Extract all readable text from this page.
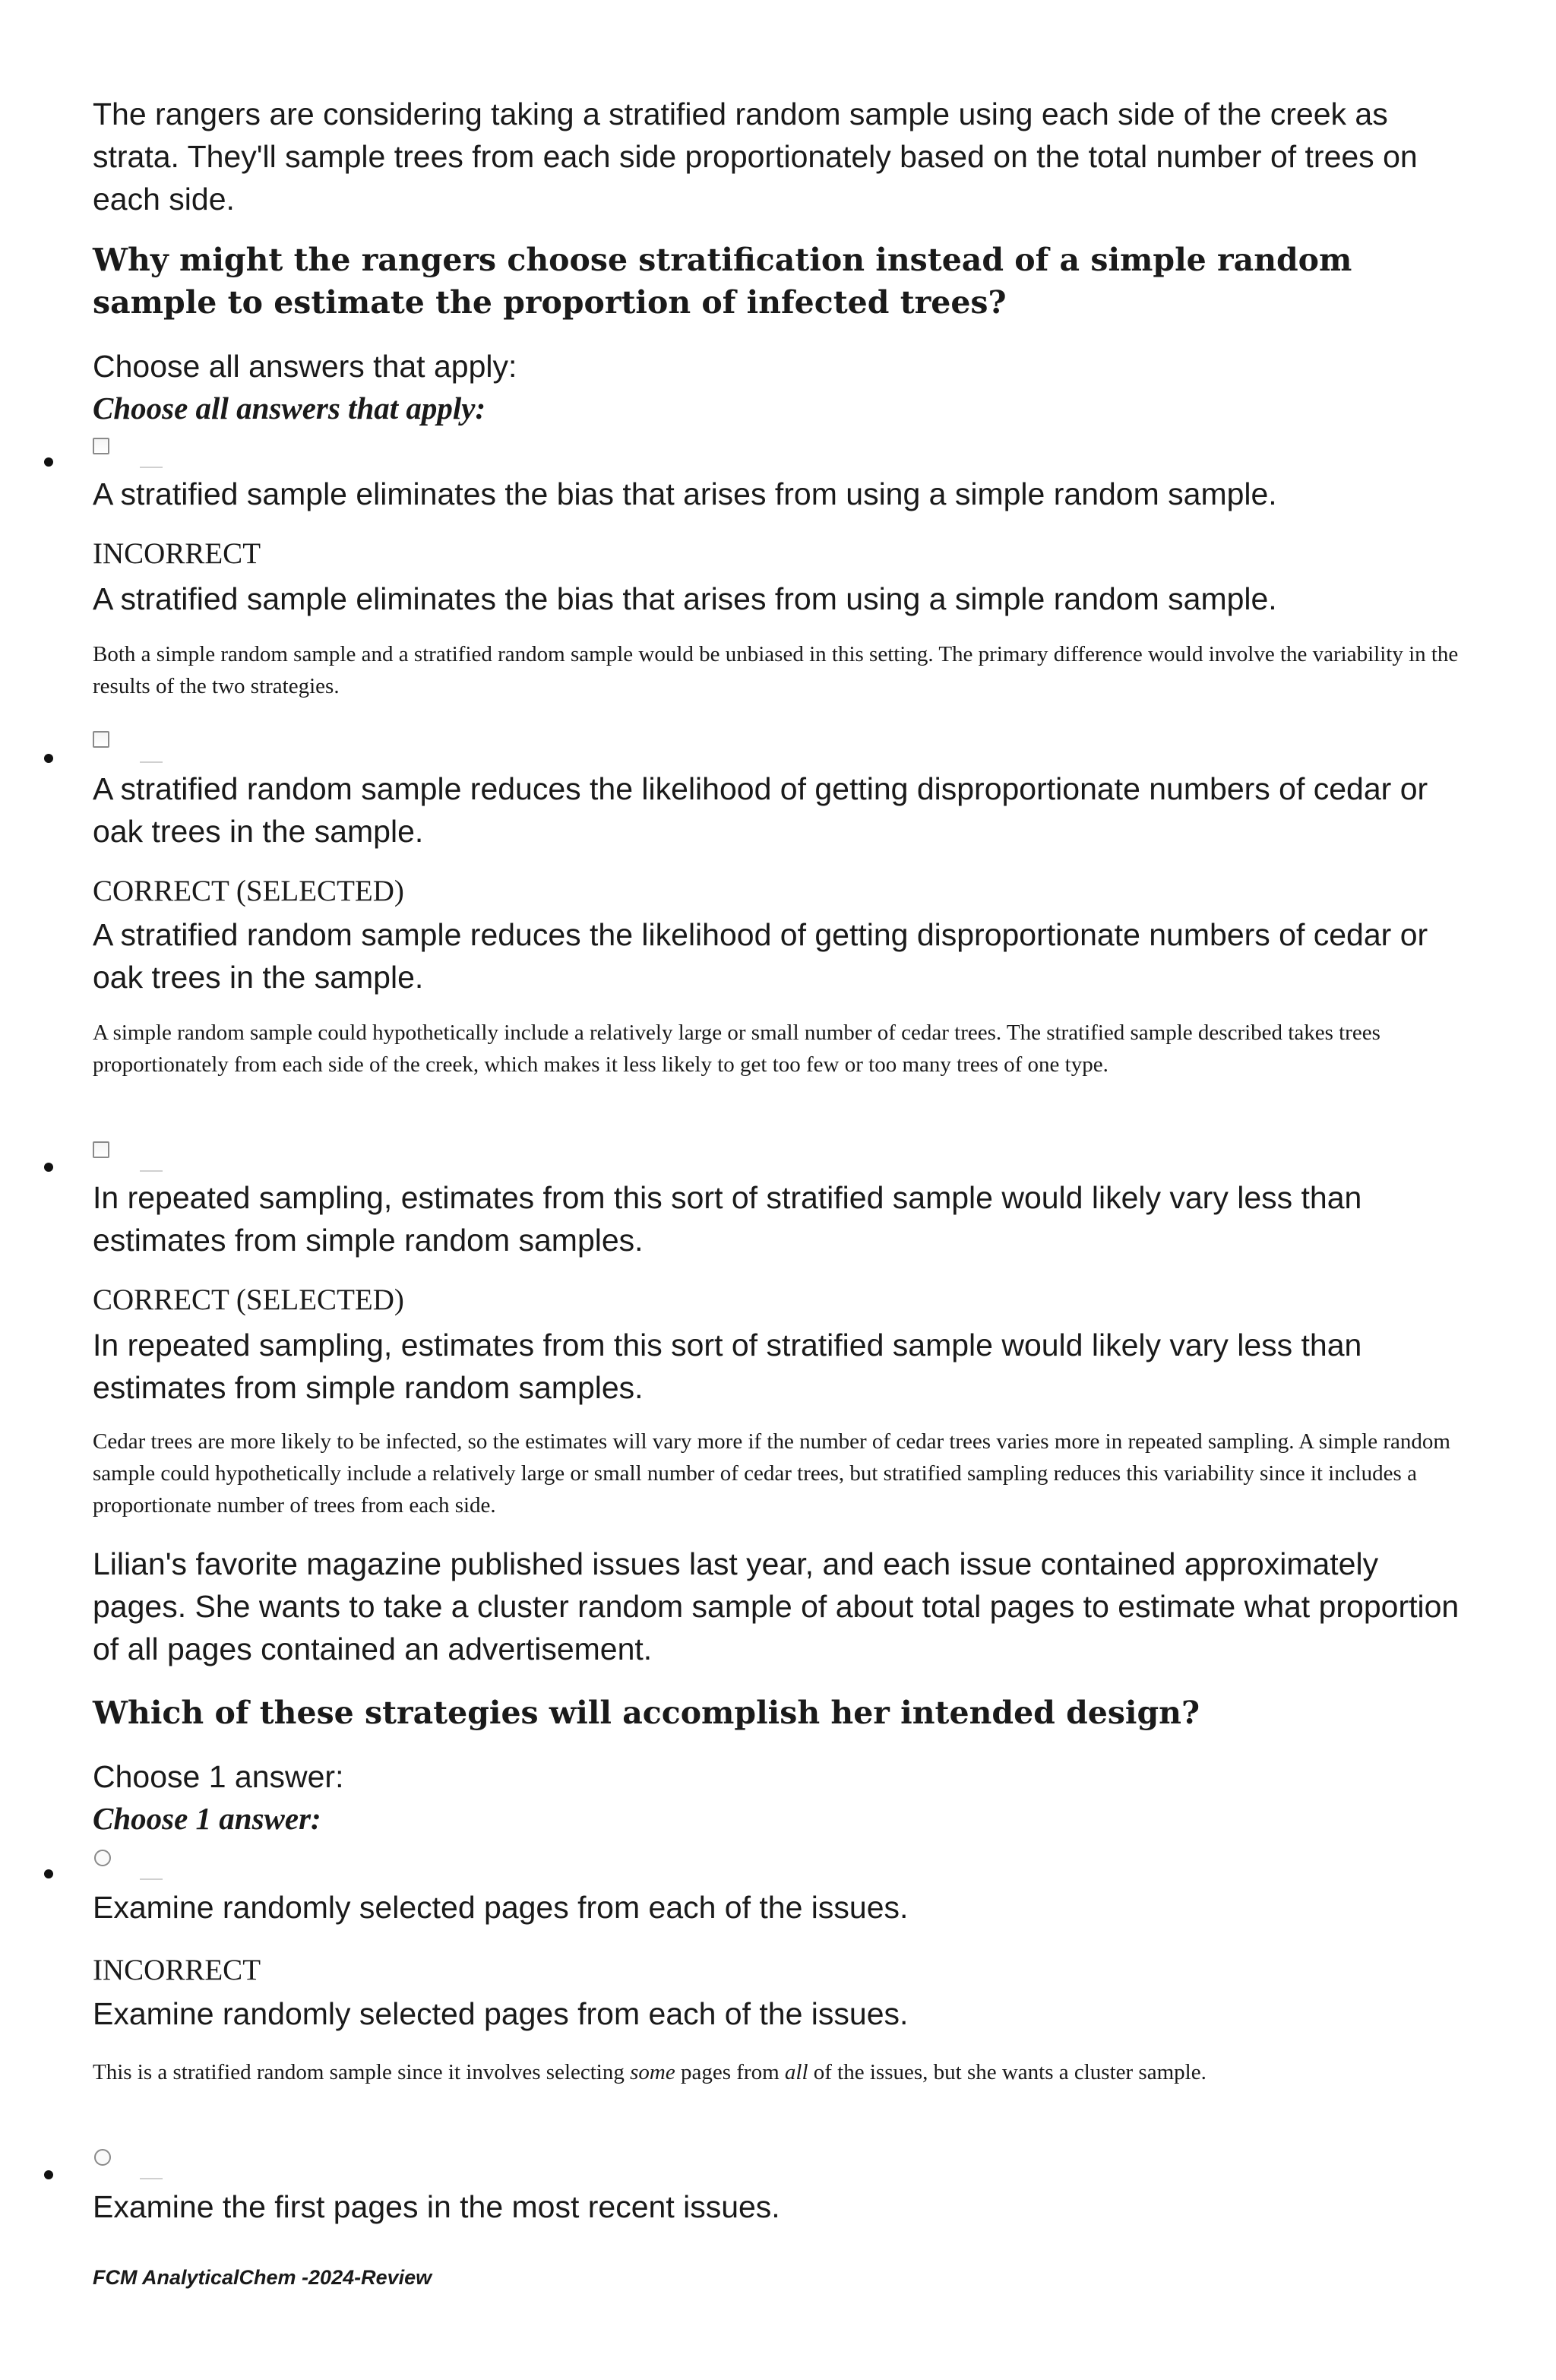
The rangers are considering taking a stratified random sample using each side of the creek as strata. They'll sample trees from each side proportionately based on the total number of trees on each side.
Why might the rangers choose stratification instead of a simple random sample to estimate the proportion of infected trees?
Choose all answers that apply:
Choose all answers that apply:
A stratified sample eliminates the bias that arises from using a simple random sample.
INCORRECT
A stratified sample eliminates the bias that arises from using a simple random sample.
Both a simple random sample and a stratified random sample would be unbiased in this setting. The primary difference would involve the variability in the results of the two strategies.
A stratified random sample reduces the likelihood of getting disproportionate numbers of cedar or oak trees in the sample.
CORRECT (SELECTED)
A stratified random sample reduces the likelihood of getting disproportionate numbers of cedar or oak trees in the sample.
A simple random sample could hypothetically include a relatively large or small number of cedar trees. The stratified sample described takes trees proportionately from each side of the creek, which makes it less likely to get too few or too many trees of one type.
In repeated sampling, estimates from this sort of stratified sample would likely vary less than estimates from simple random samples.
CORRECT (SELECTED)
In repeated sampling, estimates from this sort of stratified sample would likely vary less than estimates from simple random samples.
Cedar trees are more likely to be infected, so the estimates will vary more if the number of cedar trees varies more in repeated sampling. A simple random sample could hypothetically include a relatively large or small number of cedar trees, but stratified sampling reduces this variability since it includes a proportionate number of trees from each side.
Lilian's favorite magazine published issues last year, and each issue contained approximately pages. She wants to take a cluster random sample of about total pages to estimate what proportion of all pages contained an advertisement.
Which of these strategies will accomplish her intended design?
Choose 1 answer:
Choose 1 answer:
Examine randomly selected pages from each of the issues.
INCORRECT
Examine randomly selected pages from each of the issues.
This is a stratified random sample since it involves selecting some pages from all of the issues, but she wants a cluster sample.
Examine the first pages in the most recent issues.
FCM AnalyticalChem -2024-Review
